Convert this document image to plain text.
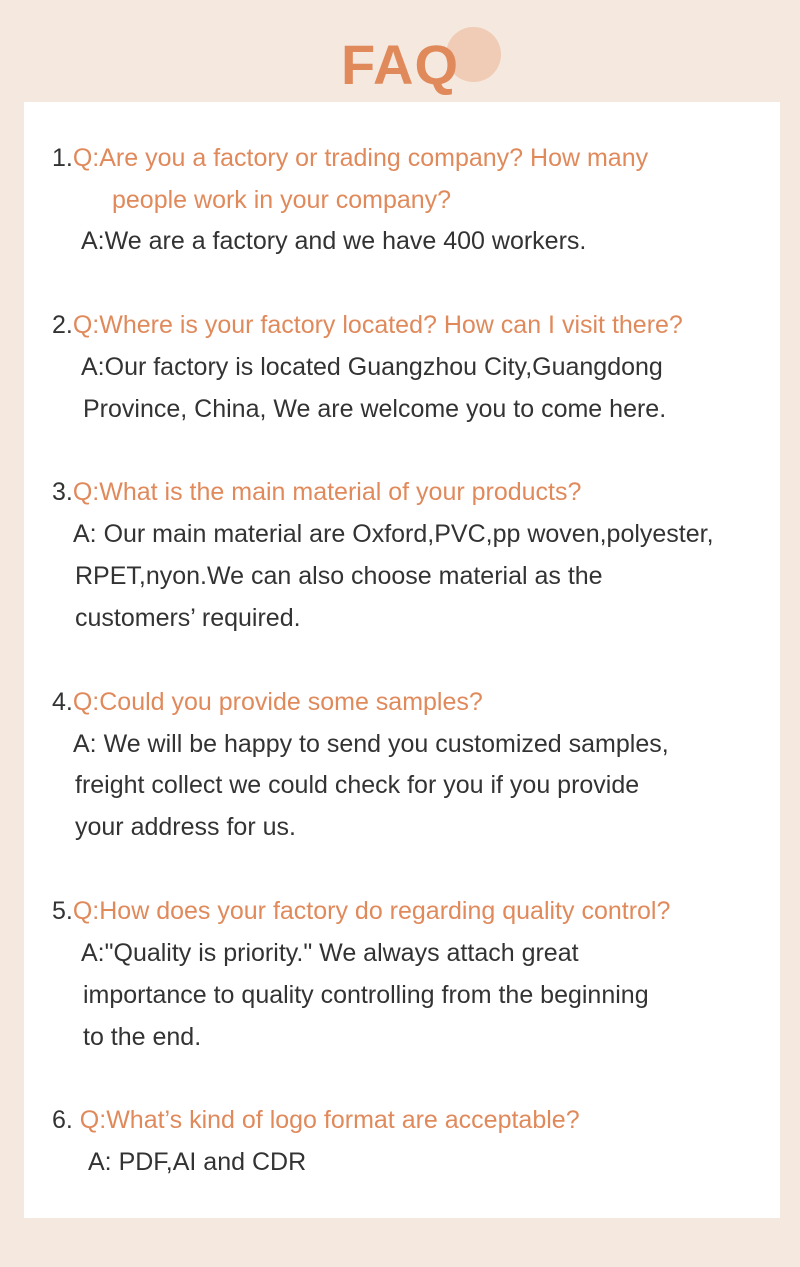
FAQ
1.Q:Are you a factory or trading company? How many
people work in your company?
A:We are a factory and we have 400 workers.
2.Q:Where is your factory located? How can I visit there?
A:Our factory is located Guangzhou City,Guangdong
Province, China, We are welcome you to come here.
3.Q:What is the main material of your products?
A: Our main material are Oxford,PVC,pp woven,polyester,
RPET,nyon.We can also choose material as the
customers’ required.
4.Q:Could you provide some samples?
A: We will be happy to send you customized samples,
freight collect we could check for you if you provide
your address for us.
5.Q:How does your factory do regarding quality control?
A:"Quality is priority." We always attach great
importance to quality controlling from the beginning
to the end.
6. Q:What’s kind of logo format are acceptable?
A: PDF,AI and CDR
